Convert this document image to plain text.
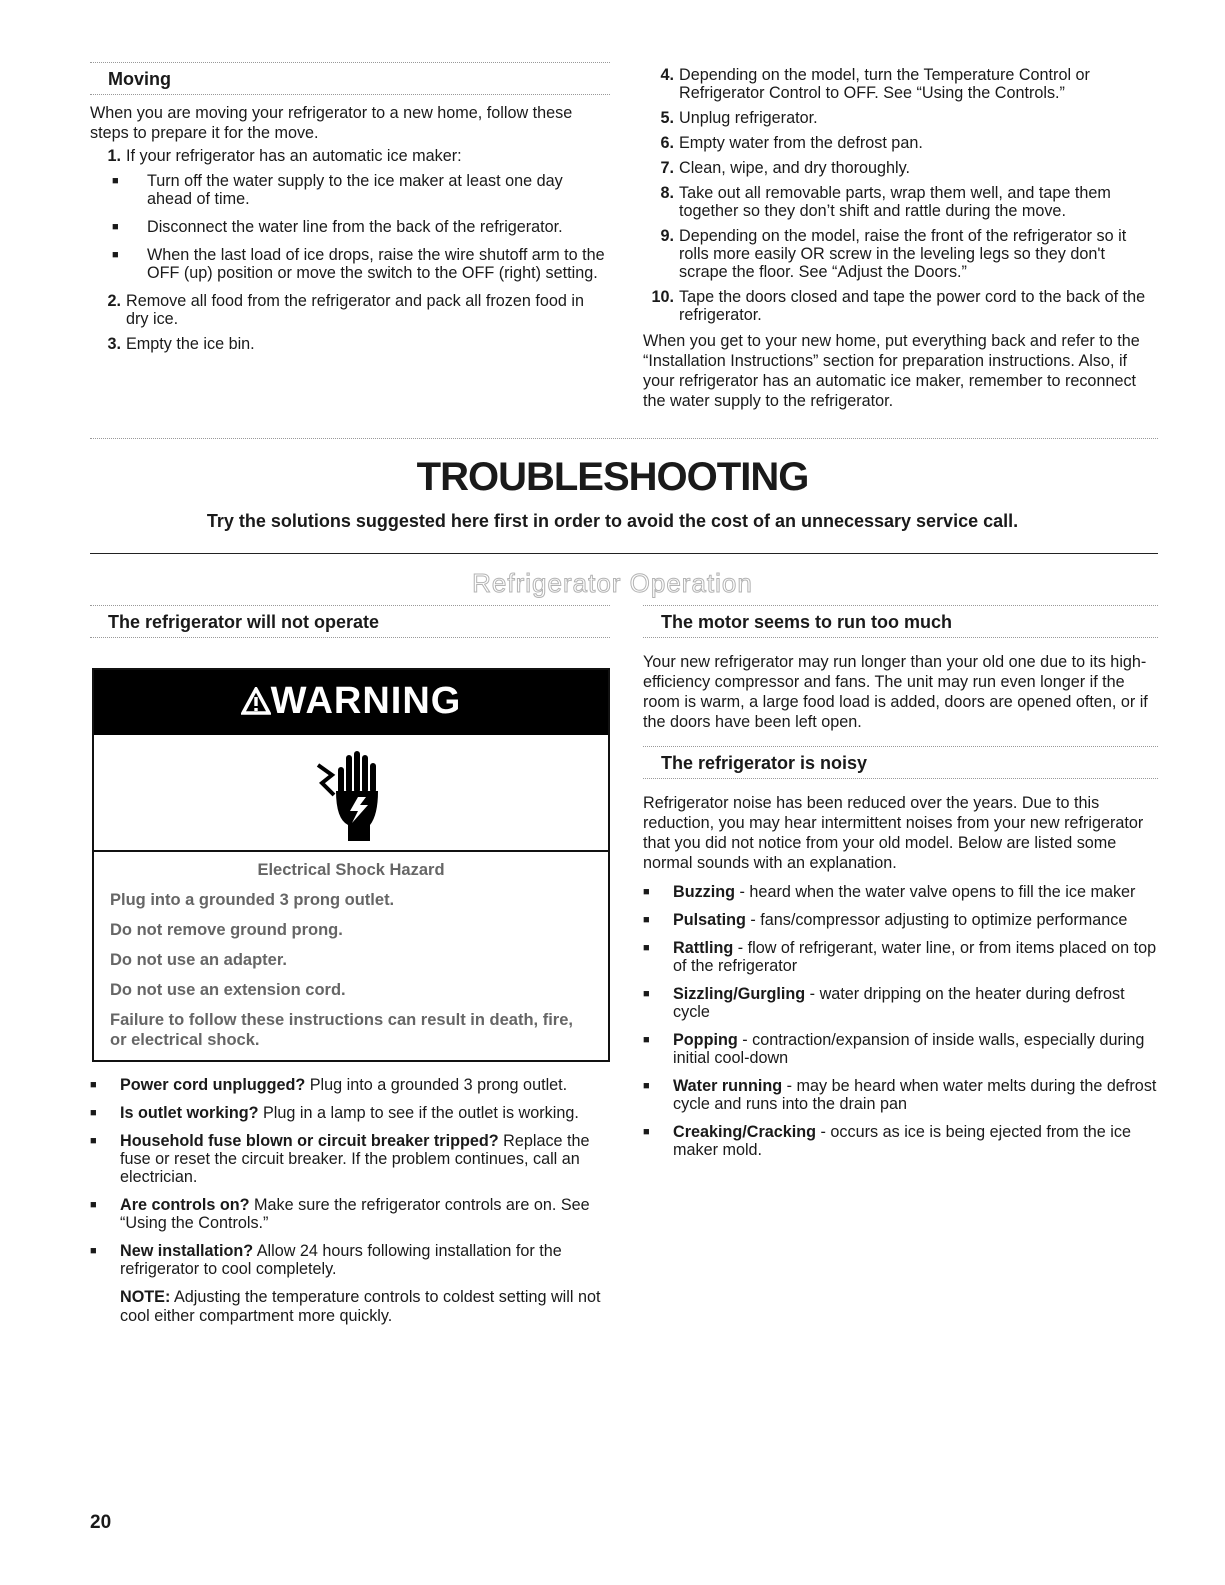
Moving

When you are moving your refrigerator to a new home, follow these steps to prepare it for the move.

1. If your refrigerator has an automatic ice maker:
■	Turn off the water supply to the ice maker at least one day ahead of time.
■	Disconnect the water line from the back of the refrigerator.
■	When the last load of ice drops, raise the wire shutoff arm to the OFF (up) position or move the switch to the OFF (right) setting.
2. Remove all food from the refrigerator and pack all frozen food in dry ice.
3. Empty the ice bin.
4. Depending on the model, turn the Temperature Control or Refrigerator Control to OFF. See “Using the Controls.”
5. Unplug refrigerator.
6. Empty water from the defrost pan.
7. Clean, wipe, and dry thoroughly.
8. Take out all removable parts, wrap them well, and tape them together so they don’t shift and rattle during the move.
9. Depending on the model, raise the front of the refrigerator so it rolls more easily OR screw in the leveling legs so they don't scrape the floor. See “Adjust the Doors.”
10. Tape the doors closed and tape the power cord to the back of the refrigerator.

When you get to your new home, put everything back and refer to the “Installation Instructions” section for preparation instructions. Also, if your refrigerator has an automatic ice maker, remember to reconnect the water supply to the refrigerator.

TROUBLESHOOTING
Try the solutions suggested here first in order to avoid the cost of an unnecessary service call.
Refrigerator Operation
The refrigerator will not operate
WARNING
Electrical Shock Hazard
Plug into a grounded 3 prong outlet.
Do not remove ground prong.
Do not use an adapter.
Do not use an extension cord.
Failure to follow these instructions can result in death, fire, or electrical shock.
■	Power cord unplugged? Plug into a grounded 3 prong outlet.
■	Is outlet working? Plug in a lamp to see if the outlet is working.
■	Household fuse blown or circuit breaker tripped? Replace the fuse or reset the circuit breaker. If the problem continues, call an electrician.
■	Are controls on? Make sure the refrigerator controls are on. See “Using the Controls.”
■	New installation? Allow 24 hours following installation for the refrigerator to cool completely.

NOTE: Adjusting the temperature controls to coldest setting will not cool either compartment more quickly.

The motor seems to run too much

Your new refrigerator may run longer than your old one due to its high-efficiency compressor and fans. The unit may run even longer if the room is warm, a large food load is added, doors are opened often, or if the doors have been left open.

The refrigerator is noisy

Refrigerator noise has been reduced over the years. Due to this reduction, you may hear intermittent noises from your new refrigerator that you did not notice from your old model. Below are listed some normal sounds with an explanation.

■	Buzzing - heard when the water valve opens to fill the ice maker
■	Pulsating - fans/compressor adjusting to optimize performance
■	Rattling - flow of refrigerant, water line, or from items placed on top of the refrigerator
■	Sizzling/Gurgling - water dripping on the heater during defrost cycle
■	Popping - contraction/expansion of inside walls, especially during initial cool-down
■	Water running - may be heard when water melts during the defrost cycle and runs into the drain pan
■	Creaking/Cracking - occurs as ice is being ejected from the ice maker mold.
20
